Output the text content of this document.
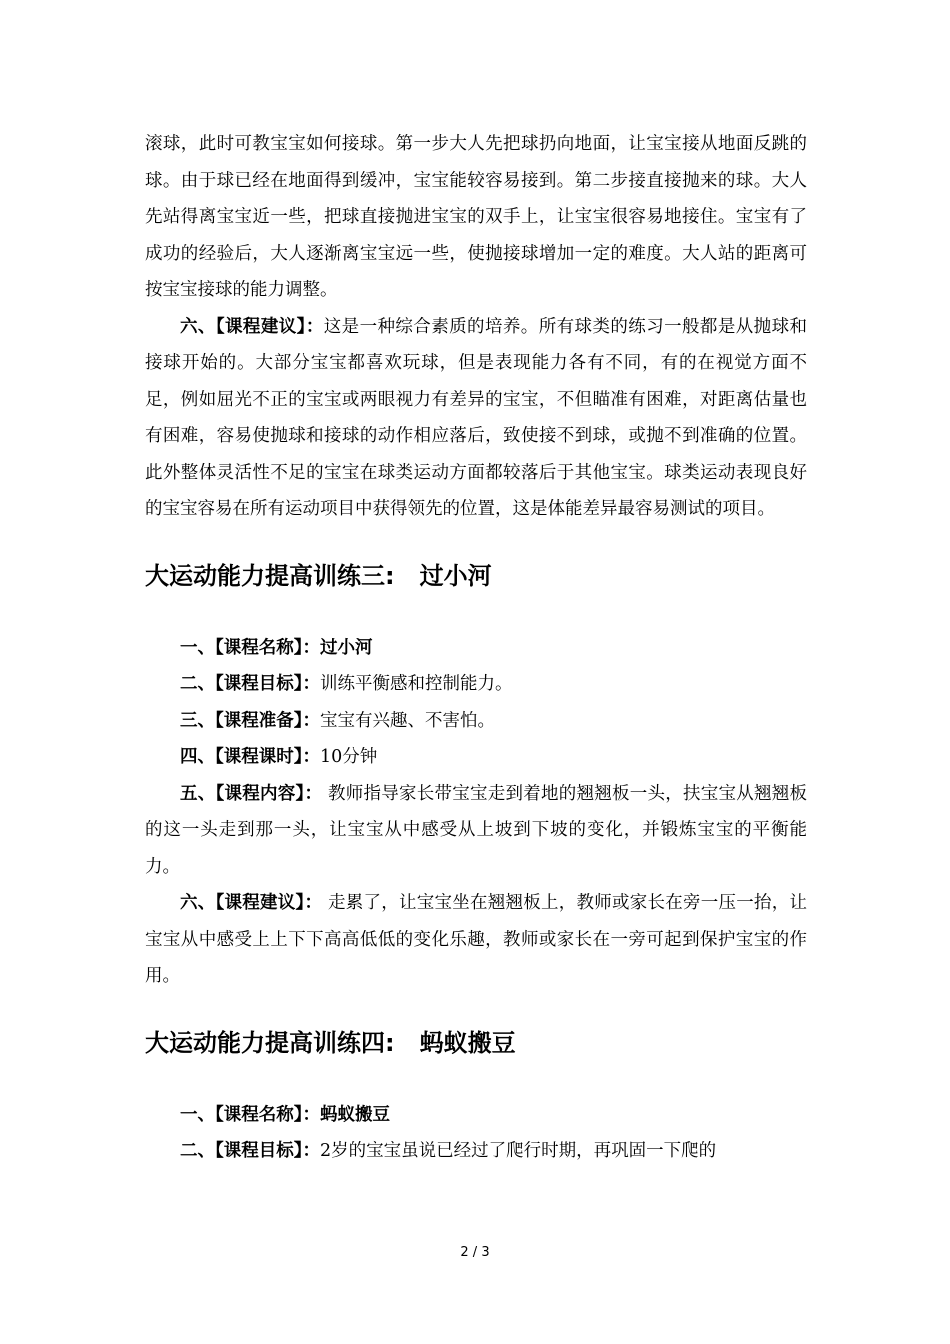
滚球，此时可教宝宝如何接球。第一步大人先把球扔向地面，让宝宝接从地面反跳的球。由于球已经在地面得到缓冲，宝宝能较容易接到。第二步接直接抛来的球。大人先站得离宝宝近一些，把球直接抛进宝宝的双手上，让宝宝很容易地接住。宝宝有了成功的经验后，大人逐渐离宝宝远一些，使抛接球增加一定的难度。大人站的距离可按宝宝接球的能力调整。

六、【课程建议】：这是一种综合素质的培养。所有球类的练习一般都是从抛球和接球开始的。大部分宝宝都喜欢玩球，但是表现能力各有不同，有的在视觉方面不足，例如屈光不正的宝宝或两眼视力有差异的宝宝，不但瞄准有困难，对距离估量也有困难，容易使抛球和接球的动作相应落后，致使接不到球，或抛不到准确的位置。此外整体灵活性不足的宝宝在球类运动方面都较落后于其他宝宝。球类运动表现良好的宝宝容易在所有运动项目中获得领先的位置，这是体能差异最容易测试的项目。

大运动能力提高训练三:   过小河
一、【课程名称】：过小河
二、【课程目标】：训练平衡感和控制能力。
三、【课程准备】：宝宝有兴趣、不害怕。
四、【课程课时】：10分钟
五、【课程内容】： 教师指导家长带宝宝走到着地的翘翘板一头，扶宝宝从翘翘板的这一头走到那一头，让宝宝从中感受从上坡到下坡的变化，并锻炼宝宝的平衡能力。
六、【课程建议】： 走累了，让宝宝坐在翘翘板上，教师或家长在旁一压一抬，让宝宝从中感受上上下下高高低低的变化乐趣，教师或家长在一旁可起到保护宝宝的作用。
大运动能力提高训练四:   蚂蚁搬豆
一、【课程名称】：蚂蚁搬豆
二、【课程目标】：2岁的宝宝虽说已经过了爬行时期，再巩固一下爬的
2 / 3
